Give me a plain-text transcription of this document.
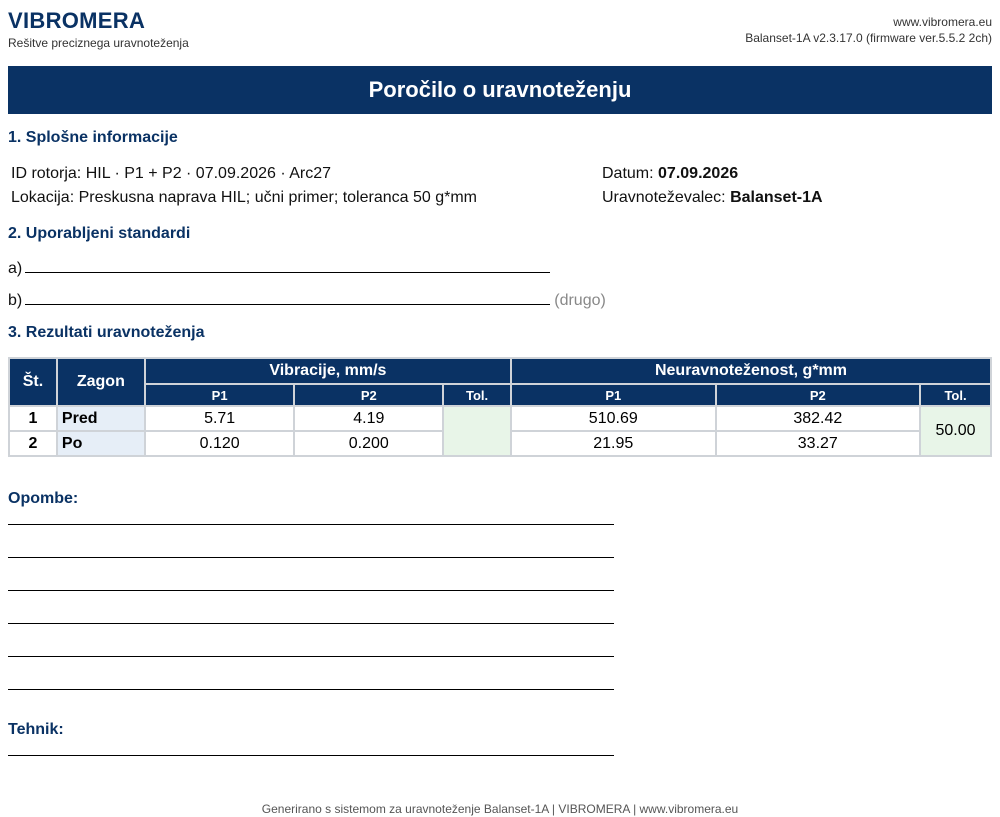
VIBROMERA
Rešitve preciznega uravnoteženja
www.vibromera.eu
Balanset-1A v2.3.17.0 (firmware ver.5.5.2 2ch)
Poročilo o uravnoteženju
1. Splošne informacije
ID rotorja: HIL · P1 + P2 · 07.09.2026 · Arc27
Lokacija: Preskusna naprava HIL; učni primer; toleranca 50 g*mm
Datum: 07.09.2026
Uravnoteževalec: Balanset-1A
2. Uporabljeni standardi
a)
b)	(drugo)
3. Rezultati uravnoteženja
Št.	Zagon	Vibracije, mm/s			Neuravnoteženost, g*mm		
		P1	P2	Tol.	P1	P2	Tol.
1	Pred	5.71	4.19		510.69	382.42	50.00
2	Po	0.120	0.200		21.95	33.27	
Opombe:
Tehnik:
Generirano s sistemom za uravnoteženje Balanset-1A | VIBROMERA | www.vibromera.eu
